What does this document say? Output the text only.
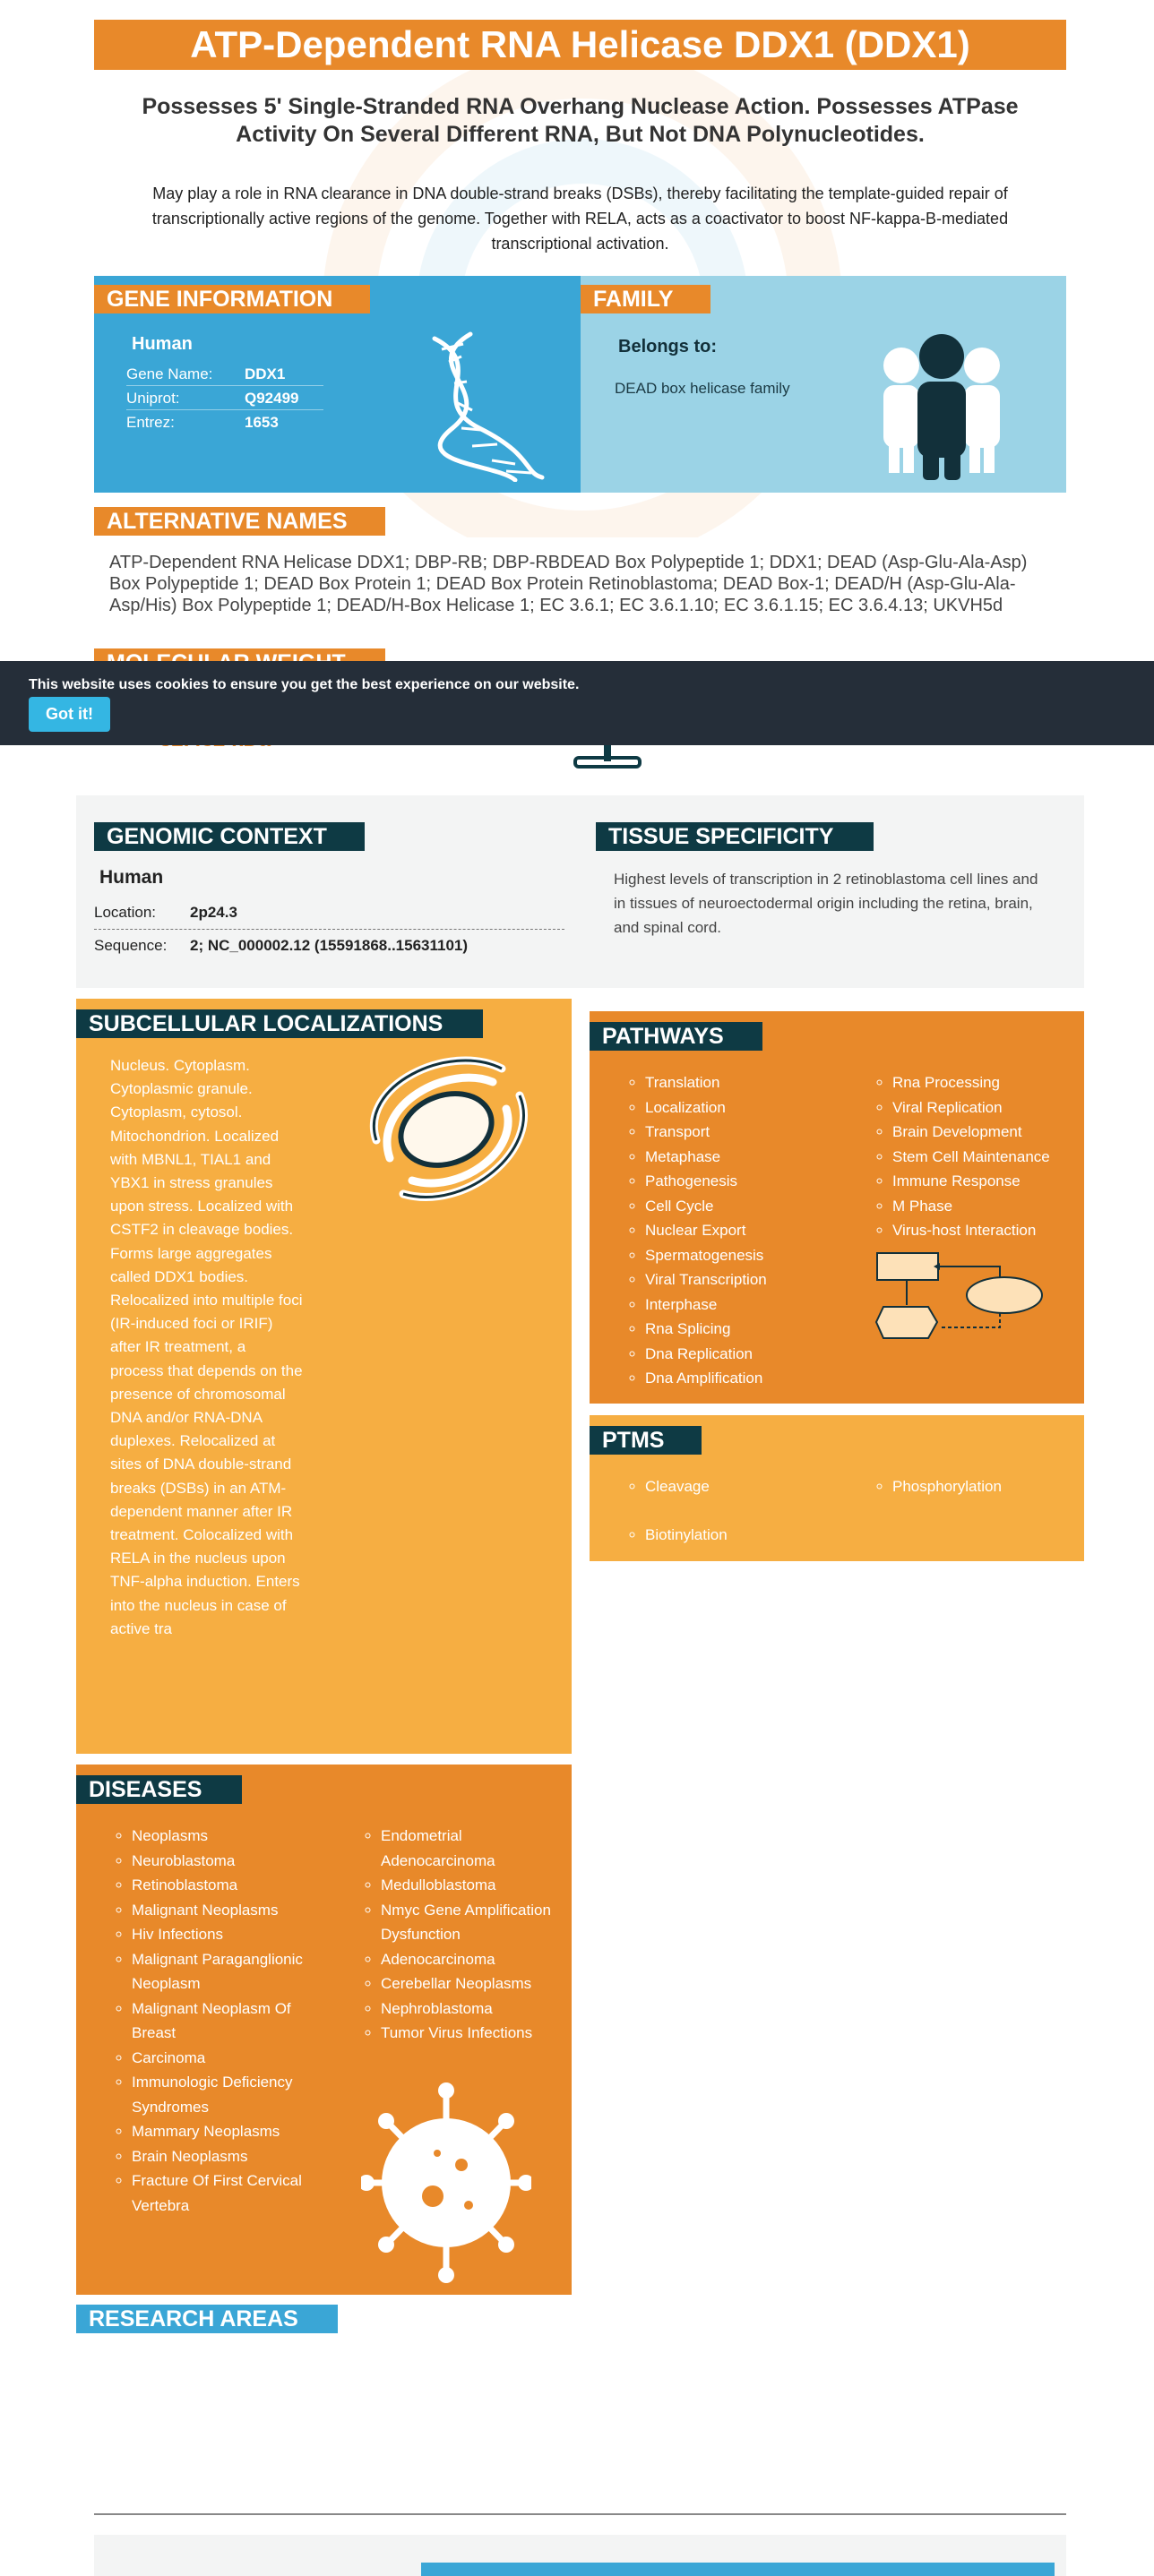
ATP-Dependent RNA Helicase DDX1 (DDX1)
Possesses 5' Single-Stranded RNA Overhang Nuclease Action. Possesses ATPase Activity On Several Different RNA, But Not DNA Polynucleotides.
May play a role in RNA clearance in DNA double-strand breaks (DSBs), thereby facilitating the template-guided repair of transcriptionally active regions of the genome. Together with RELA, acts as a coactivator to boost NF-kappa-B-mediated transcriptional activation.
GENE INFORMATION
Human
Gene Name:	DDX1
Uniprot:	Q92499
Entrez:	1653
FAMILY
Belongs to:
DEAD box helicase family
ALTERNATIVE NAMES
ATP-Dependent RNA Helicase DDX1; DBP-RB; DBP-RBDEAD Box Polypeptide 1; DDX1; DEAD (Asp-Glu-Ala-Asp) Box Polypeptide 1; DEAD Box Protein 1; DEAD Box Protein Retinoblastoma; DEAD Box-1; DEAD/H (Asp-Glu-Ala-Asp/His) Box Polypeptide 1; DEAD/H-Box Helicase 1; EC 3.6.1; EC 3.6.1.10; EC 3.6.1.15; EC 3.6.4.13; UKVH5d
This website uses cookies to ensure you get the best experience on our website.
Got it!
GENOMIC CONTEXT
Human
Location:	2p24.3
Sequence:	2; NC_000002.12 (15591868..15631101)
TISSUE SPECIFICITY
Highest levels of transcription in 2 retinoblastoma cell lines and in tissues of neuroectodermal origin including the retina, brain, and spinal cord.
SUBCELLULAR LOCALIZATIONS
Nucleus. Cytoplasm. Cytoplasmic granule. Cytoplasm, cytosol. Mitochondrion. Localized with MBNL1, TIAL1 and YBX1 in stress granules upon stress. Localized with CSTF2 in cleavage bodies. Forms large aggregates called DDX1 bodies. Relocalized into multiple foci (IR-induced foci or IRIF) after IR treatment, a process that depends on the presence of chromosomal DNA and/or RNA-DNA duplexes. Relocalized at sites of DNA double-strand breaks (DSBs) in an ATM-dependent manner after IR treatment. Colocalized with RELA in the nucleus upon TNF-alpha induction. Enters into the nucleus in case of active tra
PATHWAYS
◦ Translation
◦ Localization
◦ Transport
◦ Metaphase
◦ Pathogenesis
◦ Cell Cycle
◦ Nuclear Export
◦ Spermatogenesis
◦ Viral Transcription
◦ Interphase
◦ Rna Splicing
◦ Dna Replication
◦ Dna Amplification
◦ Rna Processing
◦ Viral Replication
◦ Brain Development
◦ Stem Cell Maintenance
◦ Immune Response
◦ M Phase
◦ Virus-host Interaction
PTMS
◦ Cleavage
◦ Biotinylation
◦ Phosphorylation
DISEASES
◦ Neoplasms
◦ Neuroblastoma
◦ Retinoblastoma
◦ Malignant Neoplasms
◦ Hiv Infections
◦ Malignant Paraganglionic Neoplasm
◦ Malignant Neoplasm Of Breast
◦ Carcinoma
◦ Immunologic Deficiency Syndromes
◦ Mammary Neoplasms
◦ Brain Neoplasms
◦ Fracture Of First Cervical Vertebra
◦ Endometrial Adenocarcinoma
◦ Medulloblastoma
◦ Nmyc Gene Amplification Dysfunction
◦ Adenocarcinoma
◦ Cerebellar Neoplasms
◦ Nephroblastoma
◦ Tumor Virus Infections
RESEARCH AREAS
◦ Cancer
◦ Neuroscience
◦ Transcription Factors and Regulators
◦ Vision
